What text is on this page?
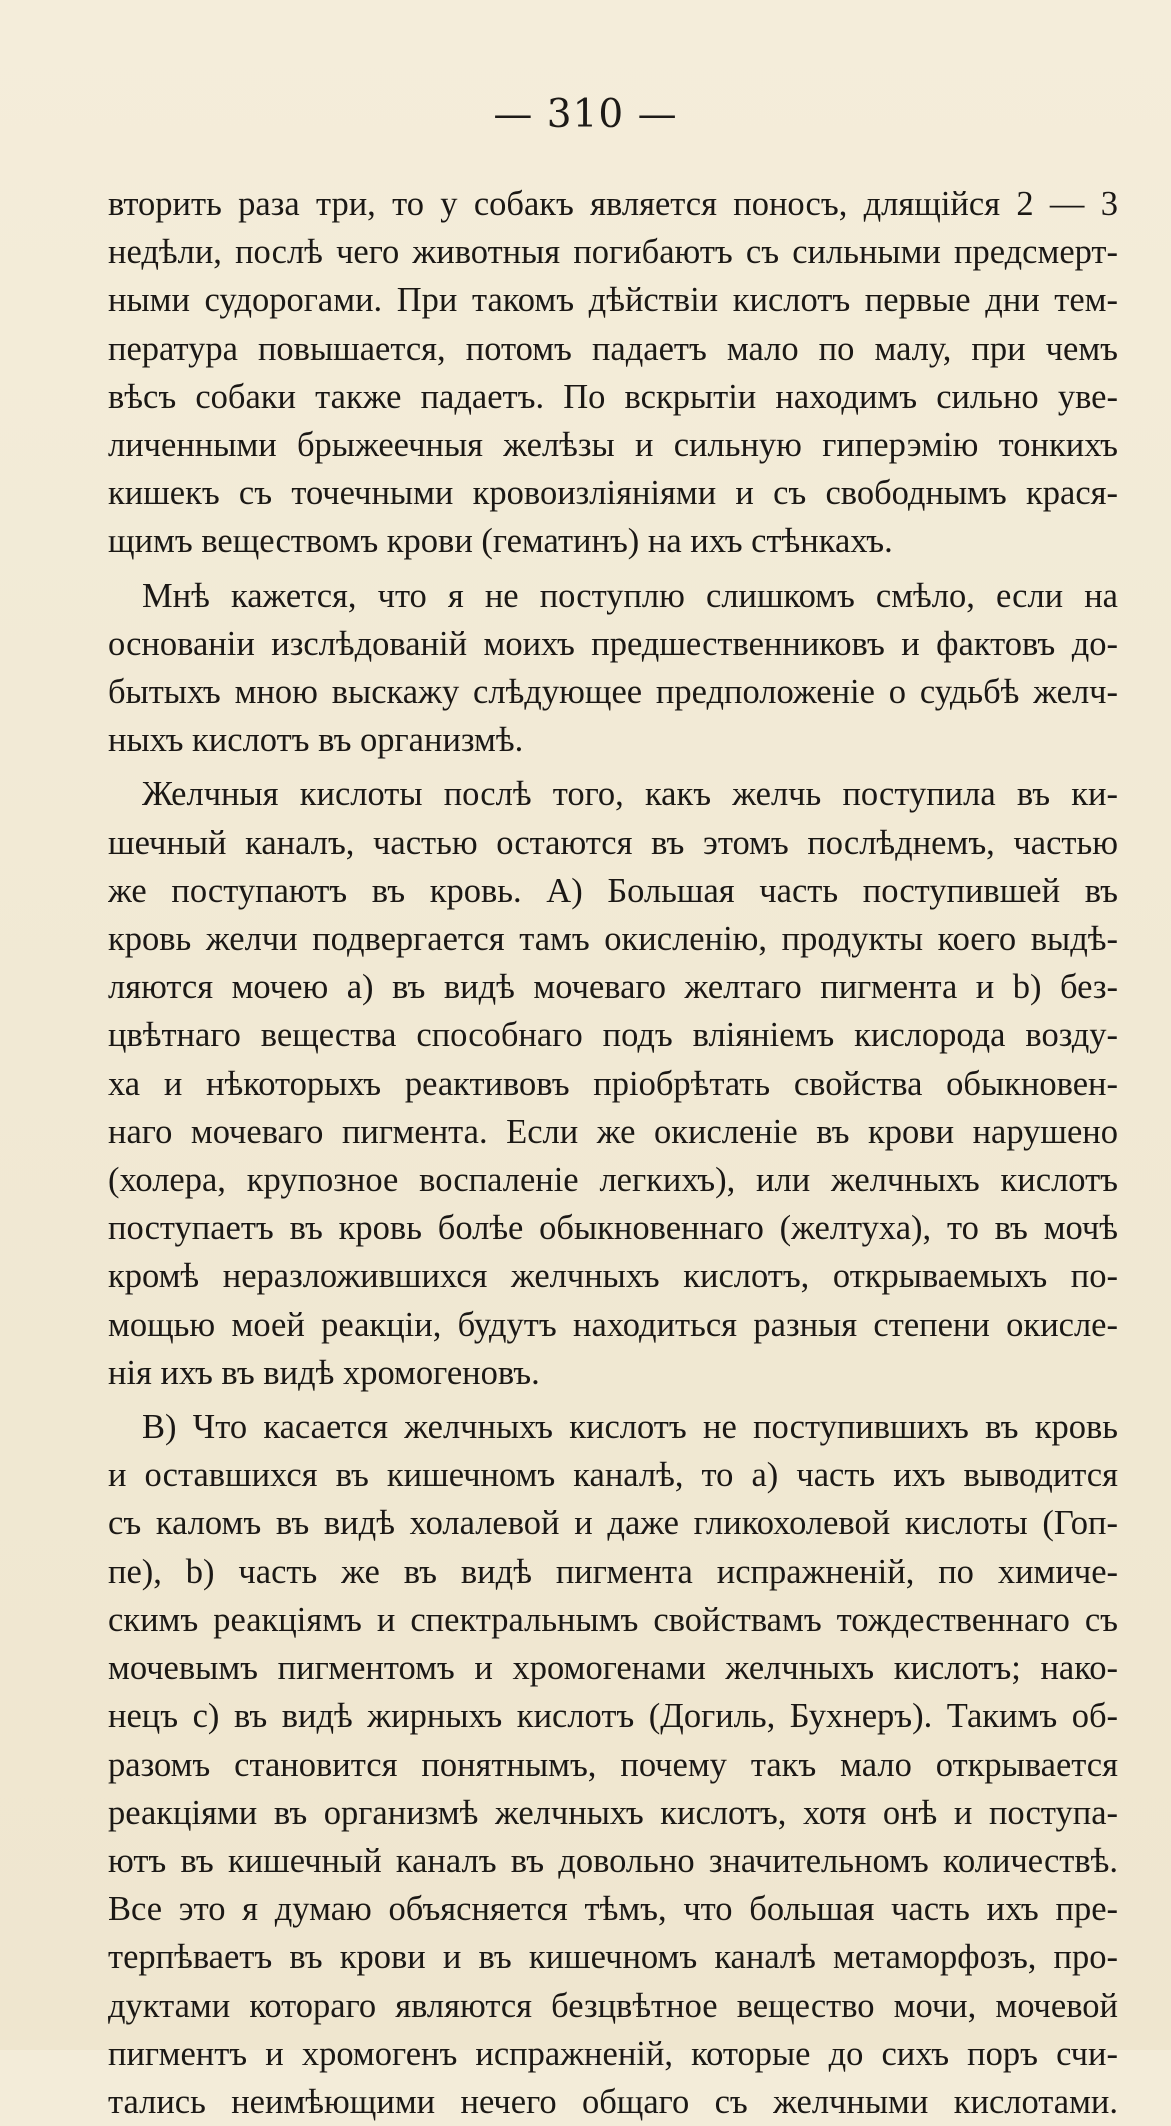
— 310 —
вторить раза три, то у собакъ является поносъ, длящійся 2 — 3
недѣли, послѣ чего животныя погибаютъ съ сильными предсмерт-
ными судорогами. При такомъ дѣйствіи кислотъ первые дни тем-
пература повышается, потомъ падаетъ мало по малу, при чемъ
вѣсъ собаки также падаетъ. По вскрытіи находимъ сильно уве-
личенными брыжеечныя желѣзы и сильную гиперэмію тонкихъ
кишекъ съ точечными кровоизліяніями и съ свободнымъ крася-
щимъ веществомъ крови (гематинъ) на ихъ стѣнкахъ.
Мнѣ кажется, что я не поступлю слишкомъ смѣло, если на
основаніи изслѣдованій моихъ предшественниковъ и фактовъ до-
бытыхъ мною выскажу слѣдующее предположеніе о судьбѣ желч-
ныхъ кислотъ въ организмѣ.
Желчныя кислоты послѣ того, какъ желчь поступила въ ки-
шечный каналъ, частью остаются въ этомъ послѣднемъ, частью
же поступаютъ въ кровь. A) Большая часть поступившей въ
кровь желчи подвергается тамъ окисленію, продукты коего выдѣ-
ляются мочею a) въ видѣ мочеваго желтаго пигмента и b) без-
цвѣтнаго вещества способнаго подъ вліяніемъ кислорода возду-
ха и нѣкоторыхъ реактивовъ пріобрѣтать свойства обыкновен-
наго мочеваго пигмента. Если же окисленіе въ крови нарушено
(холера, крупозное воспаленіе легкихъ), или желчныхъ кислотъ
поступаетъ въ кровь болѣе обыкновеннаго (желтуха), то въ мочѣ
кромѣ неразложившихся желчныхъ кислотъ, открываемыхъ по-
мощью моей реакціи, будутъ находиться разныя степени окисле-
нія ихъ въ видѣ хромогеновъ.
B) Что касается желчныхъ кислотъ не поступившихъ въ кровь
и оставшихся въ кишечномъ каналѣ, то a) часть ихъ выводится
съ каломъ въ видѣ холалевой и даже гликохолевой кислоты (Гоп-
пе), b) часть же въ видѣ пигмента испражненій, по химиче-
скимъ реакціямъ и спектральнымъ свойствамъ тождественнаго съ
мочевымъ пигментомъ и хромогенами желчныхъ кислотъ; нако-
нецъ c) въ видѣ жирныхъ кислотъ (Догиль, Бухнеръ). Такимъ об-
разомъ становится понятнымъ, почему такъ мало открывается
реакціями въ организмѣ желчныхъ кислотъ, хотя онѣ и поступа-
ютъ въ кишечный каналъ въ довольно значительномъ количествѣ.
Все это я думаю объясняется тѣмъ, что большая часть ихъ пре-
терпѣваетъ въ крови и въ кишечномъ каналѣ метаморфозъ, про-
дуктами котораго являются безцвѣтное вещество мочи, мочевой
пигментъ и хромогенъ испражненій, которые до сихъ поръ счи-
тались неимѣющими нечего общаго съ желчными кислотами.
